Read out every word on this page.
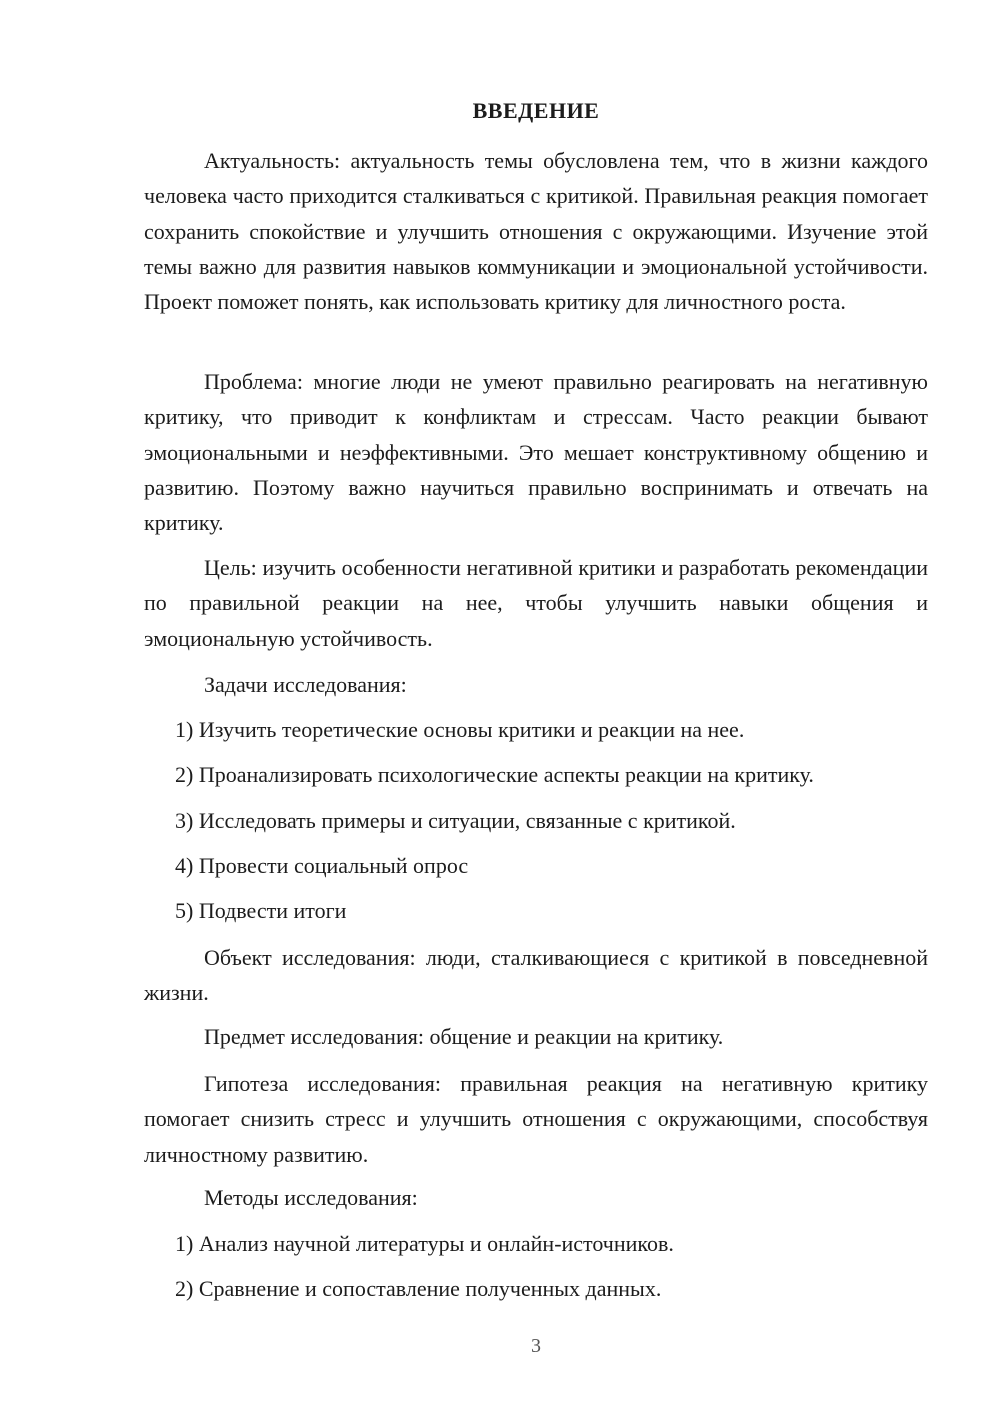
ВВЕДЕНИЕ

Актуальность: актуальность темы обусловлена тем, что в жизни каждого человека часто приходится сталкиваться с критикой. Правильная реакция помогает сохранить спокойствие и улучшить отношения с окружающими. Изучение этой темы важно для развития навыков коммуникации и эмоциональной устойчивости. Проект поможет понять, как использовать критику для личностного роста.

Проблема: многие люди не умеют правильно реагировать на негативную критику, что приводит к конфликтам и стрессам. Часто реакции бывают эмоциональными и неэффективными. Это мешает конструктивному общению и развитию. Поэтому важно научиться правильно воспринимать и отвечать на критику.

Цель: изучить особенности негативной критики и разработать рекомендации по правильной реакции на нее, чтобы улучшить навыки общения и эмоциональную устойчивость.

Задачи исследования:

1) Изучить теоретические основы критики и реакции на нее.

2) Проанализировать психологические аспекты реакции на критику.

3) Исследовать примеры и ситуации, связанные с критикой.

4) Провести социальный опрос

5) Подвести итоги

Объект исследования: люди, сталкивающиеся с критикой в повседневной жизни.

Предмет исследования: общение и реакции на критику.

Гипотеза исследования: правильная реакция на негативную критику помогает снизить стресс и улучшить отношения с окружающими, способствуя личностному развитию.

Методы исследования:

1) Анализ научной литературы и онлайн-источников.

2) Сравнение и сопоставление полученных данных.

3
